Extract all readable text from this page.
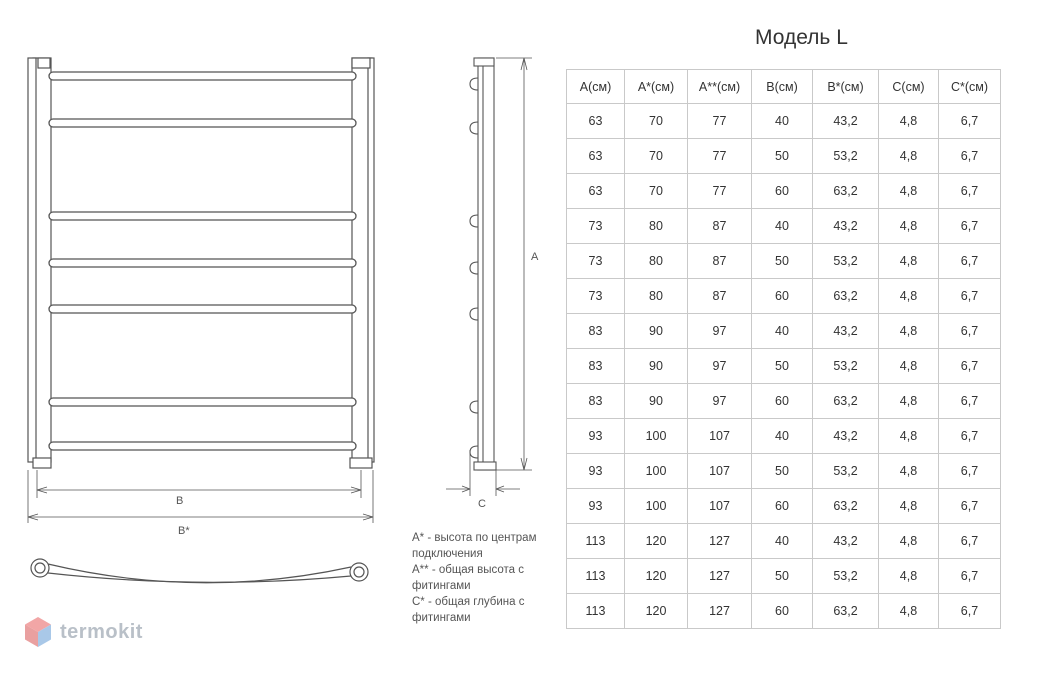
Модель L
A
B
B*
C
A(см)	A*(см)	A**(см)	B(см)	B*(см)	C(см)	C*(см)
63	70	77	40	43,2	4,8	6,7
63	70	77	50	53,2	4,8	6,7
63	70	77	60	63,2	4,8	6,7
73	80	87	40	43,2	4,8	6,7
73	80	87	50	53,2	4,8	6,7
73	80	87	60	63,2	4,8	6,7
83	90	97	40	43,2	4,8	6,7
83	90	97	50	53,2	4,8	6,7
83	90	97	60	63,2	4,8	6,7
93	100	107	40	43,2	4,8	6,7
93	100	107	50	53,2	4,8	6,7
93	100	107	60	63,2	4,8	6,7
113	120	127	40	43,2	4,8	6,7
113	120	127	50	53,2	4,8	6,7
113	120	127	60	63,2	4,8	6,7

A* - высота по центрам подключения

A** - общая высота с фитингами

C* - общая глубина с фитингами

termokit
